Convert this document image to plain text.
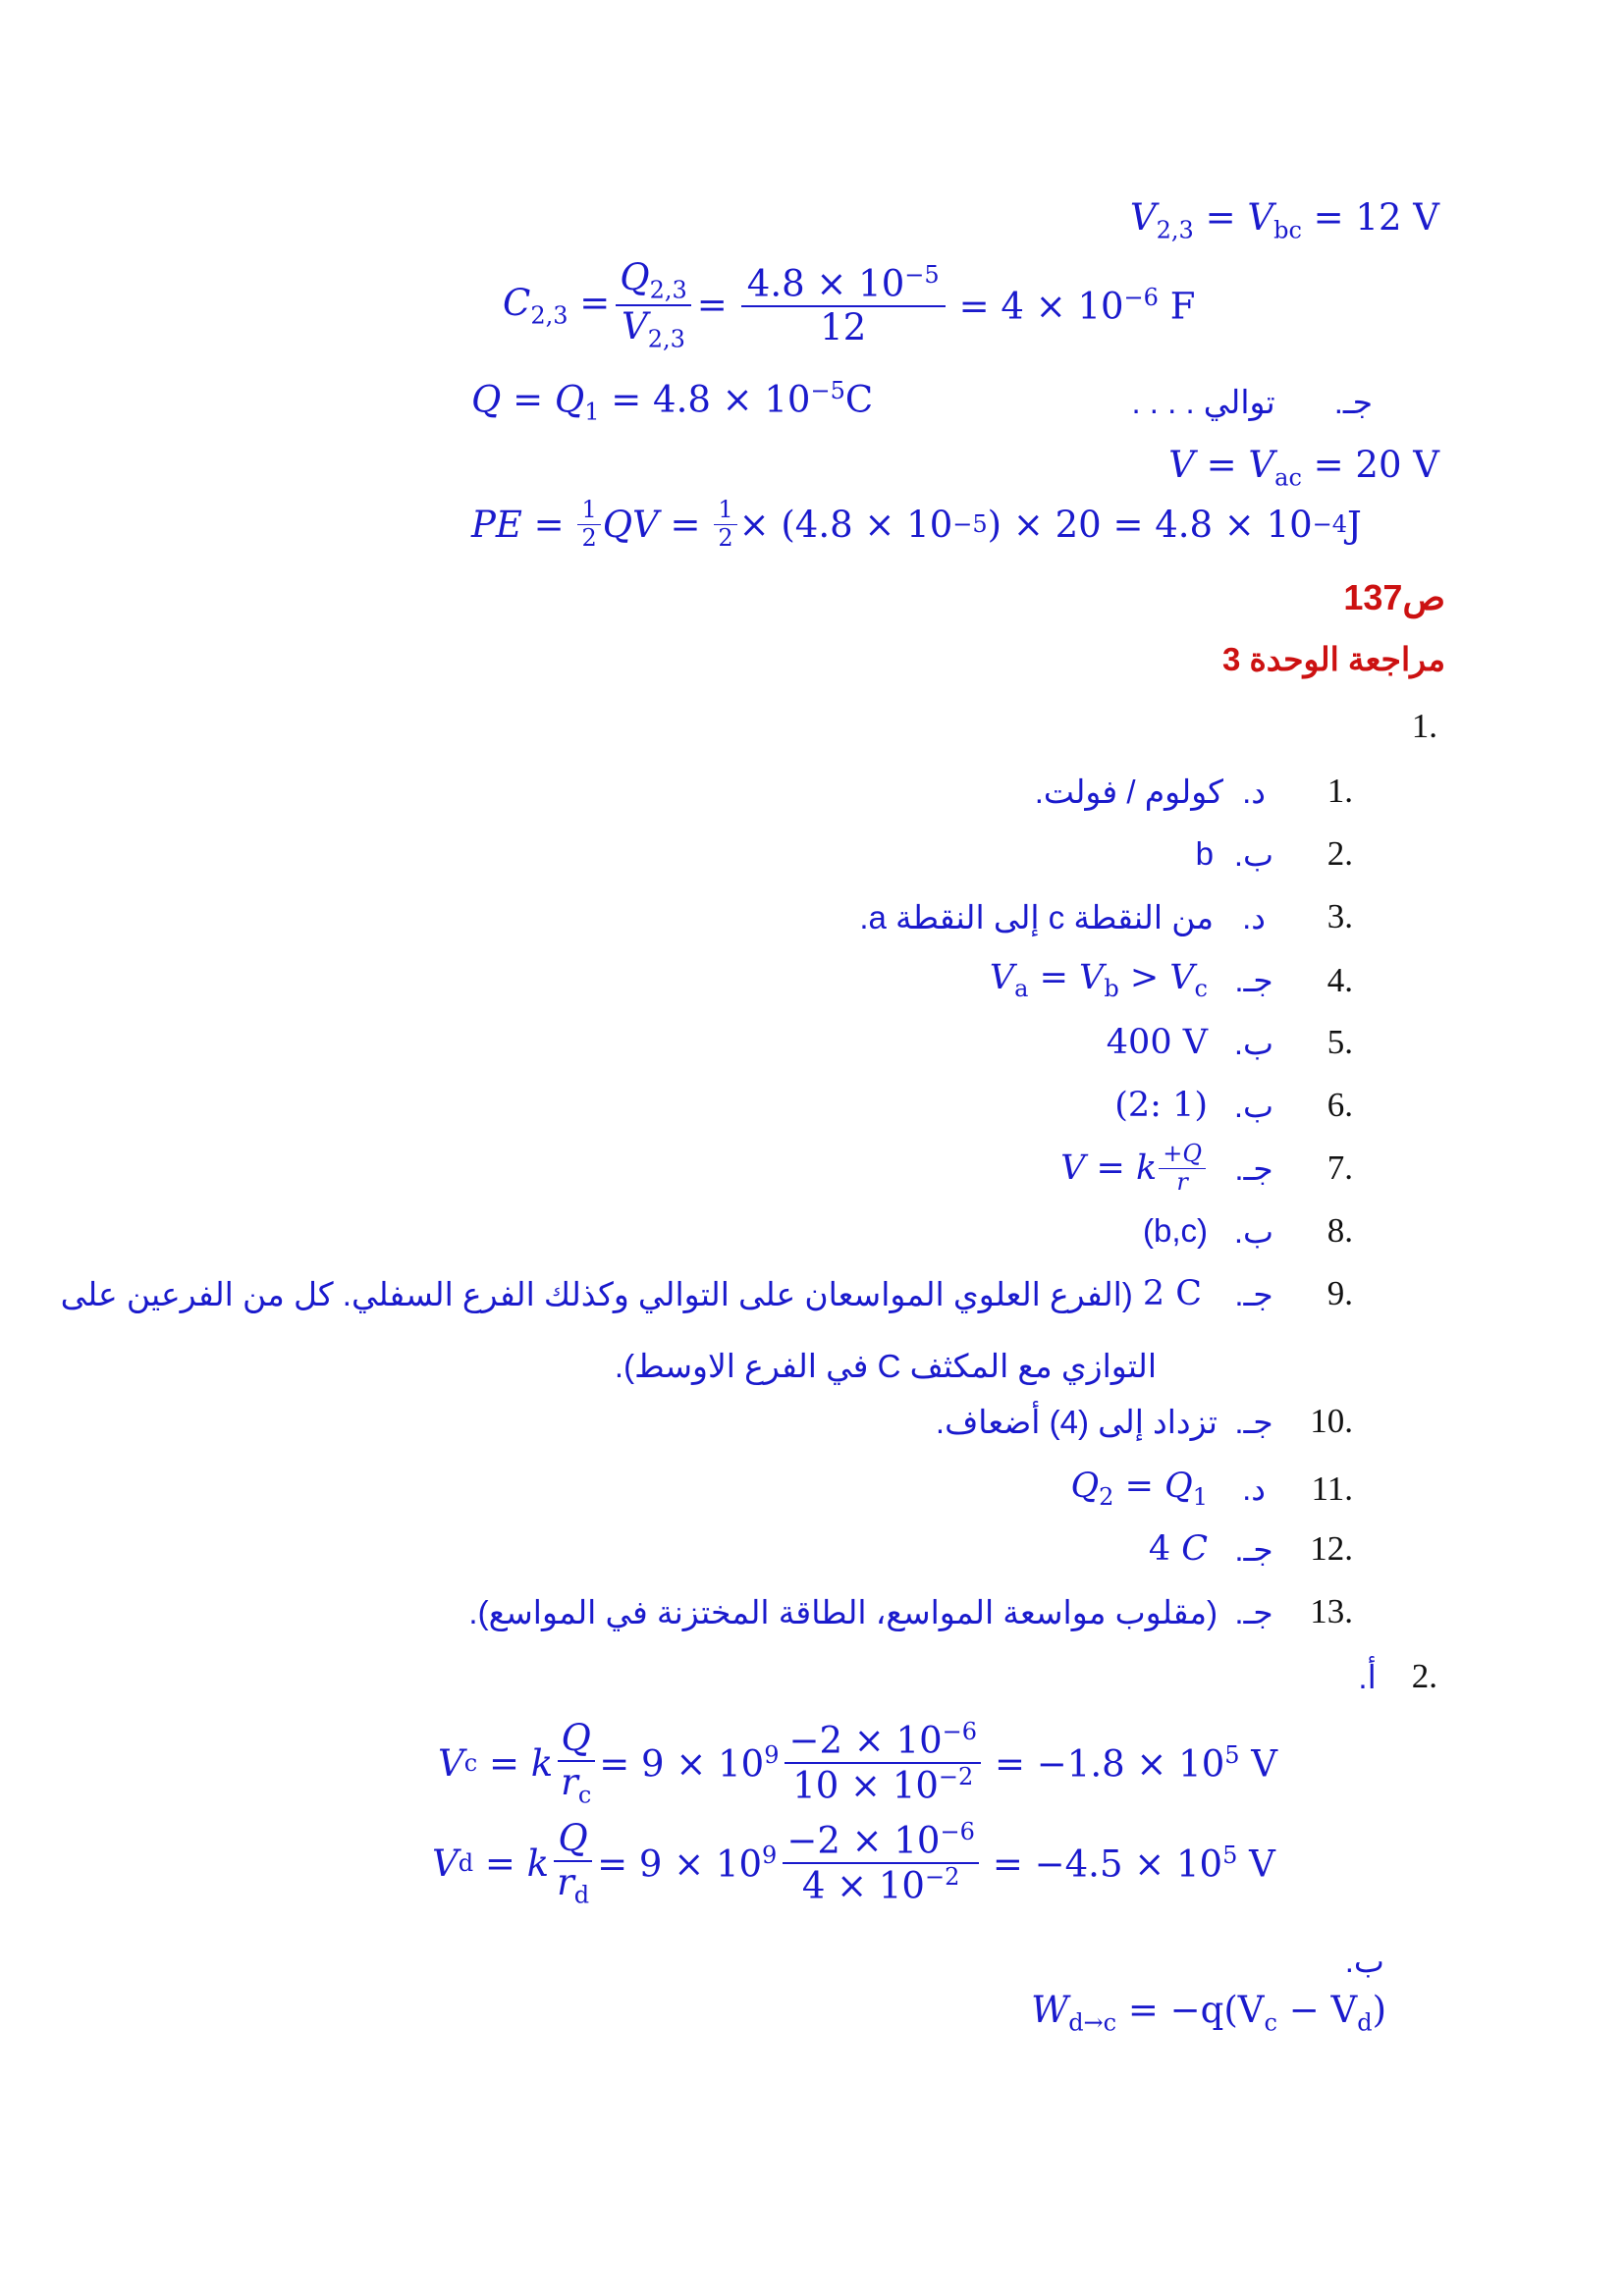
$V_{2,3} = V_{bc} = 12$ V
$C_{2,3} = \frac{Q_{2,3}}{V_{2,3}} = \frac{4.8 \times 10^{-5}}{12} = 4 \times 10^{-6}$ F
$Q = Q_1 = 4.8 \times 10^{-5}C$	جـ.توالي . . . .
$V = V_{ac} = 20$ V
PE = $\frac{1}{2}$ QV = $\frac{1}{2} \times (4.8 \times 10 -5$ ) × 20 = 4.8 × 10 −4 J
ص137
مراجعة الوحدة 3
.1
.1
د.
كولوم / فولت.
.2
ب.
b
.3
د.
من النقطة c إلى النقطة a.
.4
جـ.
$V_a = V_b > V_c$
.5
ب.
400 V
.6
ب.
(2: 1)
.7
جـ.
V = k $\frac{+Q}{r}$
.8
ب.
(b,c)
.9
جـ.
2 C
(الفرع العلوي المواسعان على التوالي وكذلك الفرع السفلي. كل من الفرعين على
التوازي مع المكثف C في الفرع الاوسط).
.10
جـ.
تزداد إلى (4) أضعاف.
.11
د.
$Q_2 = Q_1$
.12
جـ.
4 C
.13
جـ.
(مقلوب مواسعة المواسع، الطاقة المختزنة في المواسع).
.2
أ.
V c = k $\frac{Q}{r_c} = 9 \times 10^9 \frac{-2 \times 10^{-6}}{10 \times 10^{-2}} = -1.8 \times 10^5$ V
V d = k $\frac{Q}{r_d} = 9 \times 10^9 \frac{-2 \times 10^{-6}}{4 \times 10^{-2}} = -4.5 \times 10^5$ V
ب.
$W_{d\to c} = -q(V_c - V_d)$
